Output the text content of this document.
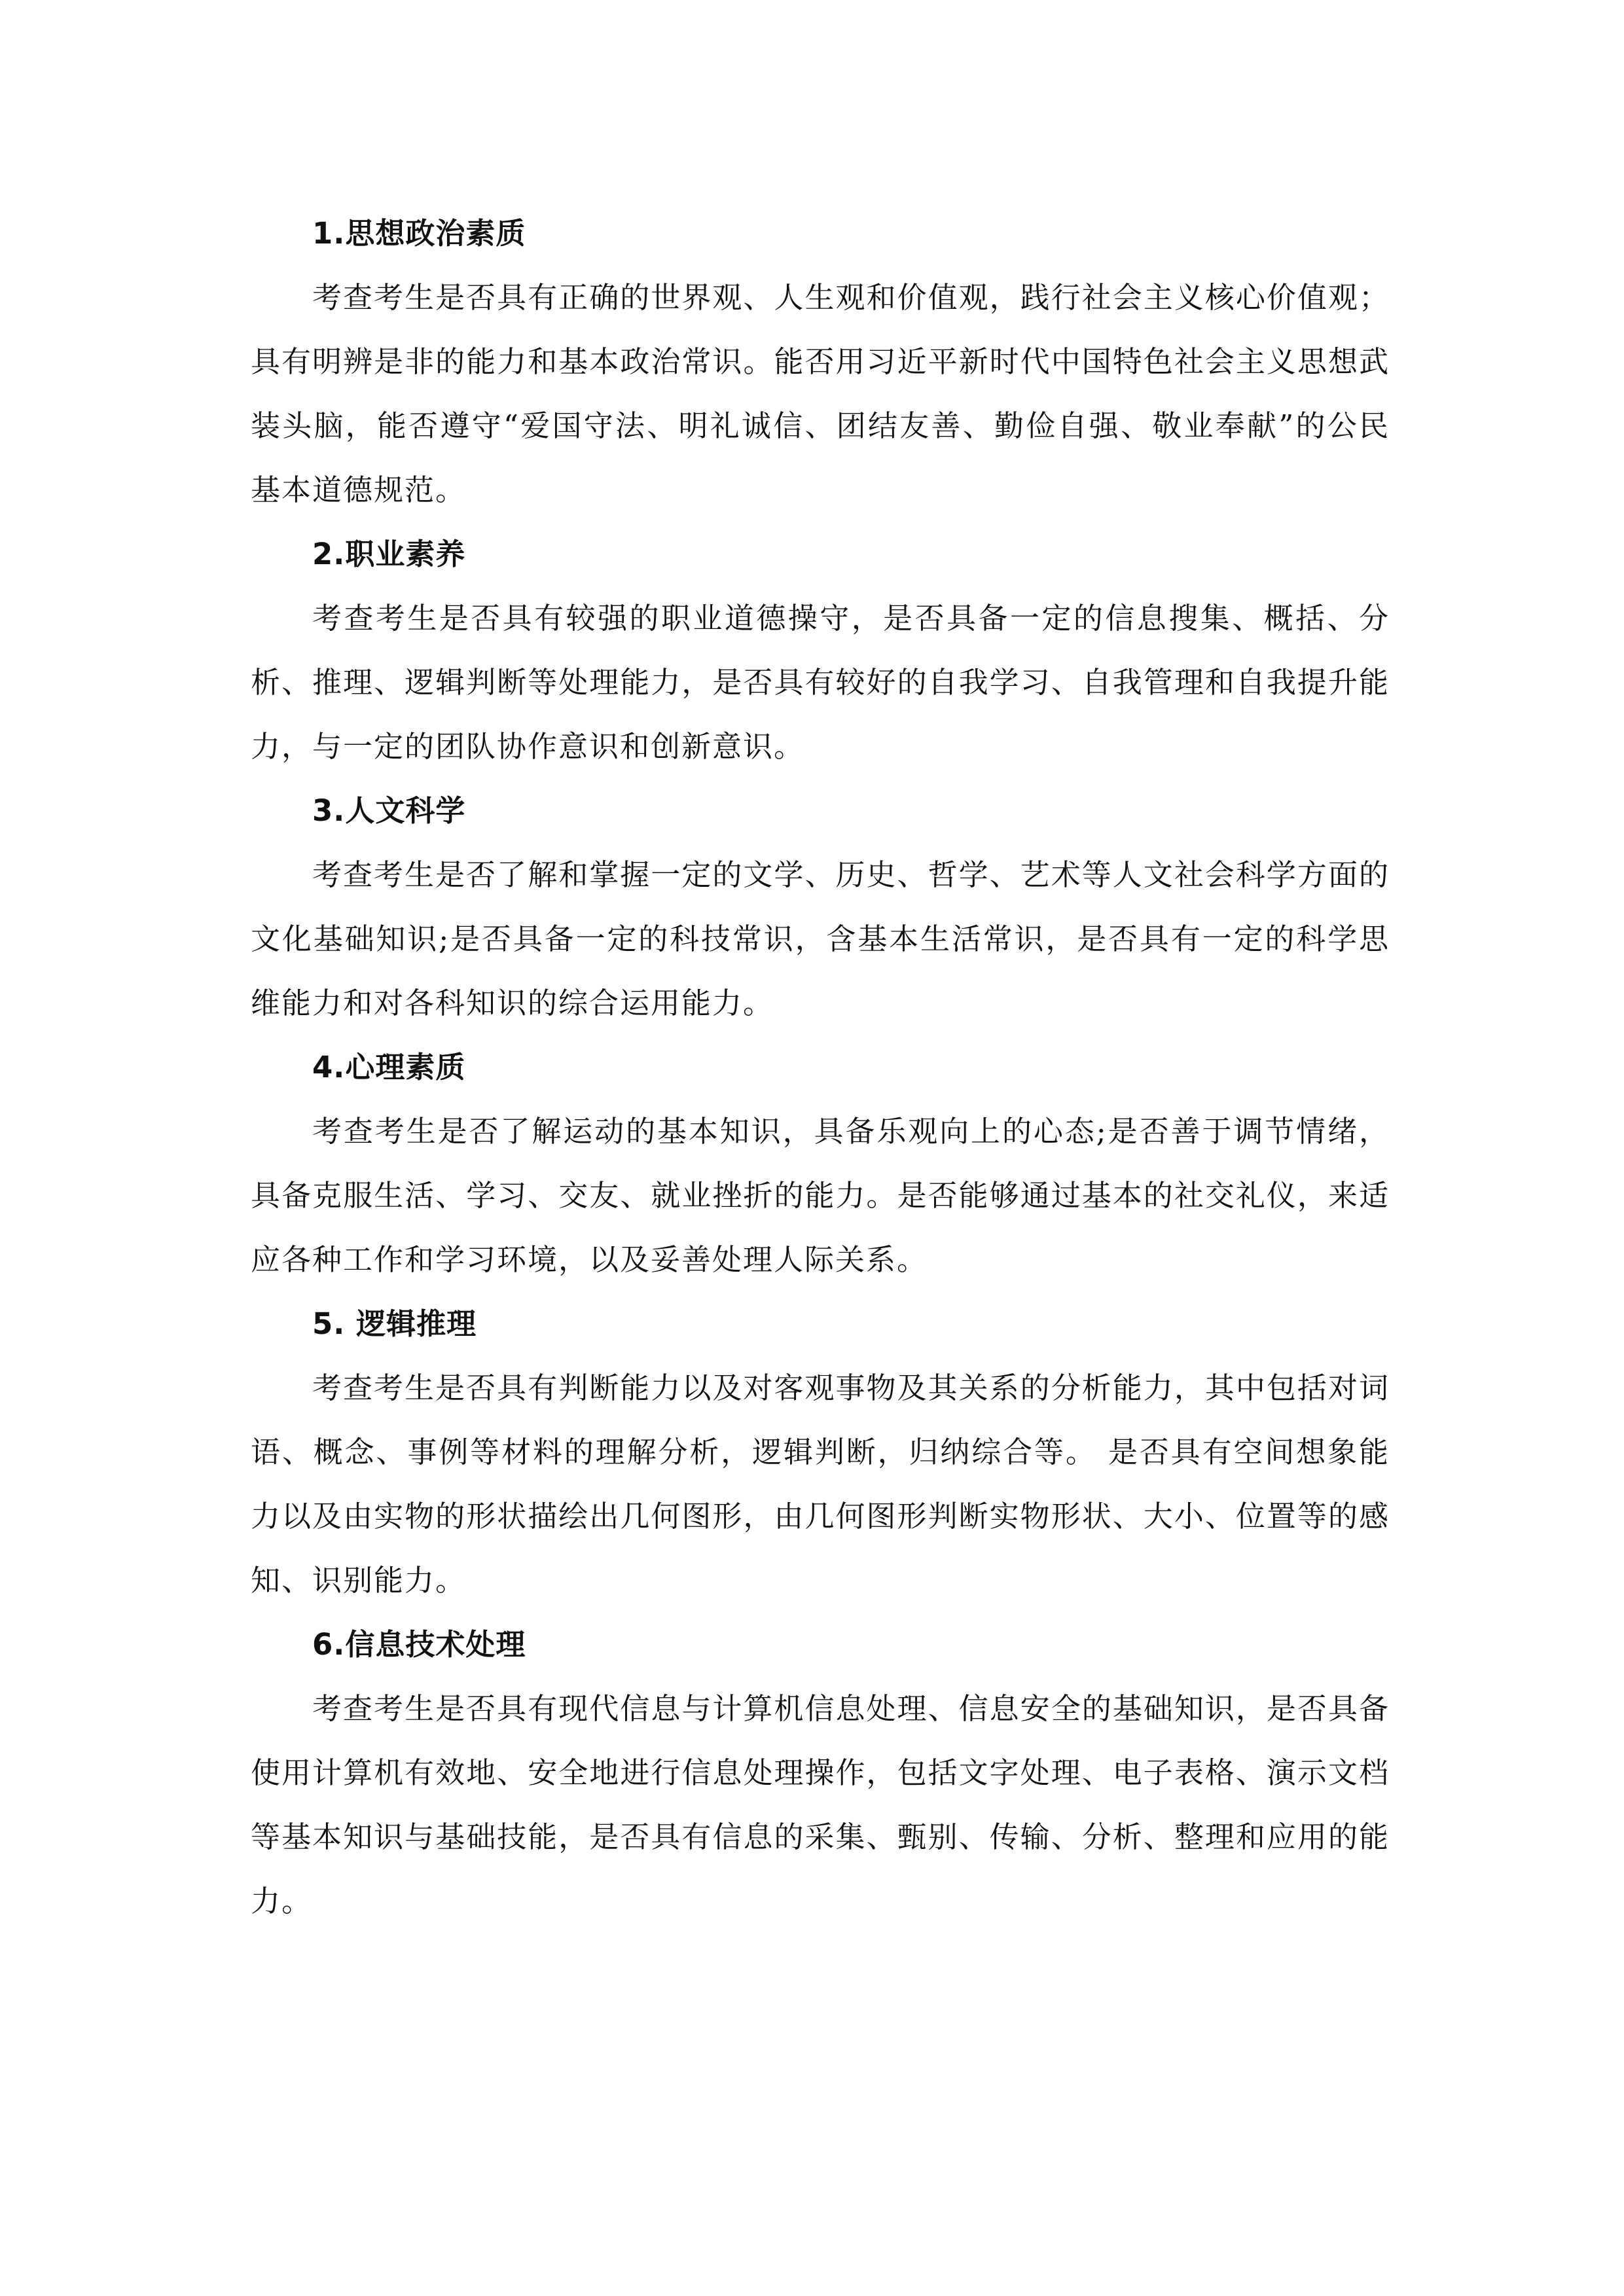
1.思想政治素质

考查考生是否具有正确的世界观、人生观和价值观，践行社会主义核心价值观；具有明辨是非的能力和基本政治常识。能否用习近平新时代中国特色社会主义思想武装头脑，能否遵守“爱国守法、明礼诚信、团结友善、勤俭自强、敬业奉献”的公民基本道德规范。

2.职业素养

考查考生是否具有较强的职业道德操守，是否具备一定的信息搜集、概括、分析、推理、逻辑判断等处理能力，是否具有较好的自我学习、自我管理和自我提升能力，与一定的团队协作意识和创新意识。

3.人文科学

考查考生是否了解和掌握一定的文学、历史、哲学、艺术等人文社会科学方面的文化基础知识;是否具备一定的科技常识，含基本生活常识，是否具有一定的科学思维能力和对各科知识的综合运用能力。

4.心理素质

考查考生是否了解运动的基本知识，具备乐观向上的心态;是否善于调节情绪，具备克服生活、学习、交友、就业挫折的能力。是否能够通过基本的社交礼仪，来适应各种工作和学习环境，以及妥善处理人际关系。

5. 逻辑推理

考查考生是否具有判断能力以及对客观事物及其关系的分析能力，其中包括对词语、概念、事例等材料的理解分析，逻辑判断，归纳综合等。 是否具有空间想象能力以及由实物的形状描绘出几何图形，由几何图形判断实物形状、大小、位置等的感知、识别能力。

6.信息技术处理

考查考生是否具有现代信息与计算机信息处理、信息安全的基础知识，是否具备使用计算机有效地、安全地进行信息处理操作，包括文字处理、电子表格、演示文档等基本知识与基础技能，是否具有信息的采集、甄别、传输、分析、整理和应用的能力。
